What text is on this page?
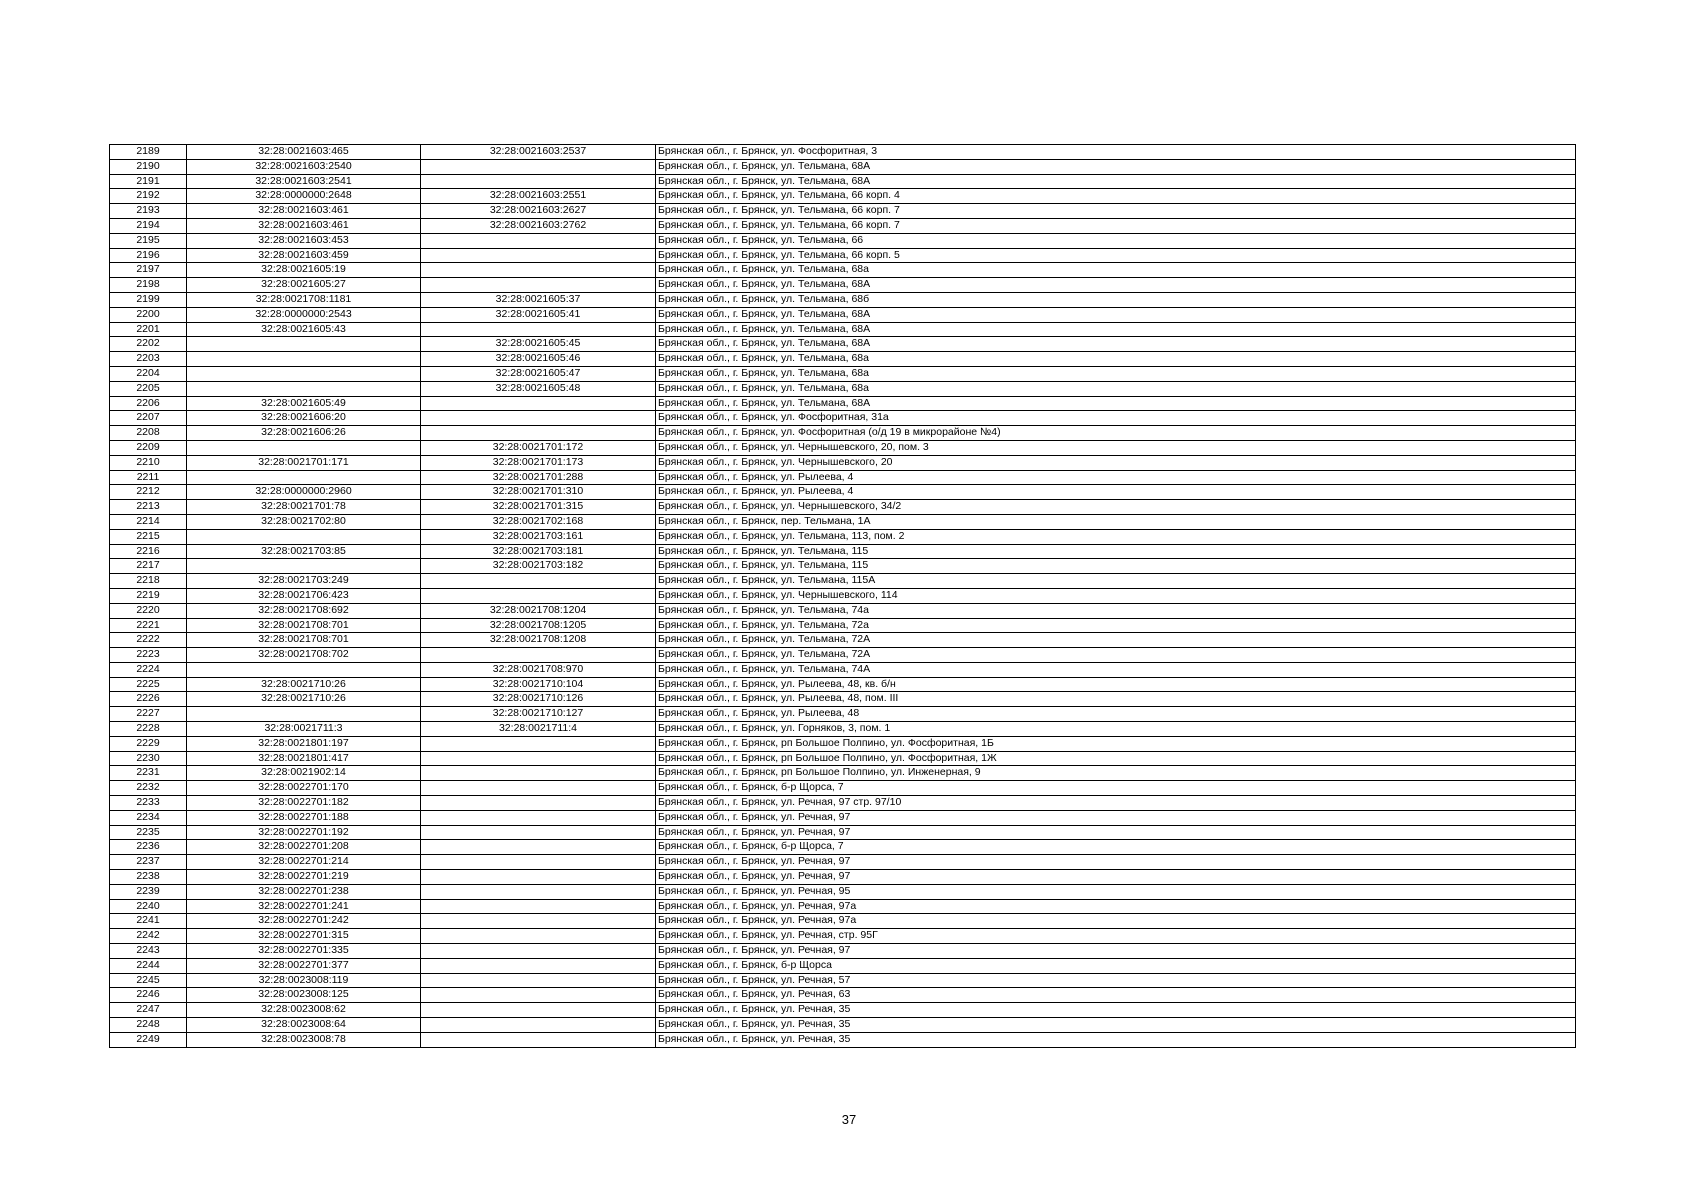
2189	32:28:0021603:465	32:28:0021603:2537	Брянская обл., г. Брянск, ул. Фосфоритная, 3
2190	32:28:0021603:2540		Брянская обл., г. Брянск, ул. Тельмана, 68А
2191	32:28:0021603:2541		Брянская обл., г. Брянск, ул. Тельмана, 68А
2192	32:28:0000000:2648	32:28:0021603:2551	Брянская обл., г. Брянск, ул. Тельмана, 66 корп. 4
2193	32:28:0021603:461	32:28:0021603:2627	Брянская обл., г. Брянск, ул. Тельмана, 66 корп. 7
2194	32:28:0021603:461	32:28:0021603:2762	Брянская обл., г. Брянск, ул. Тельмана, 66 корп. 7
2195	32:28:0021603:453		Брянская обл., г. Брянск, ул. Тельмана, 66
2196	32:28:0021603:459		Брянская обл., г. Брянск, ул. Тельмана, 66 корп. 5
2197	32:28:0021605:19		Брянская обл., г. Брянск, ул. Тельмана, 68а
2198	32:28:0021605:27		Брянская обл., г. Брянск, ул. Тельмана, 68А
2199	32:28:0021708:1181	32:28:0021605:37	Брянская обл., г. Брянск, ул. Тельмана, 68б
2200	32:28:0000000:2543	32:28:0021605:41	Брянская обл., г. Брянск, ул. Тельмана, 68А
2201	32:28:0021605:43		Брянская обл., г. Брянск, ул. Тельмана, 68А
2202		32:28:0021605:45	Брянская обл., г. Брянск, ул. Тельмана, 68А
2203		32:28:0021605:46	Брянская обл., г. Брянск, ул. Тельмана, 68а
2204		32:28:0021605:47	Брянская обл., г. Брянск, ул. Тельмана, 68а
2205		32:28:0021605:48	Брянская обл., г. Брянск, ул. Тельмана, 68а
2206	32:28:0021605:49		Брянская обл., г. Брянск, ул. Тельмана, 68А
2207	32:28:0021606:20		Брянская обл., г. Брянск, ул. Фосфоритная, 31а
2208	32:28:0021606:26		Брянская обл., г. Брянск, ул. Фосфоритная (о/д 19 в микрорайоне №4)
2209		32:28:0021701:172	Брянская обл., г. Брянск, ул. Чернышевского, 20, пом. 3
2210	32:28:0021701:171	32:28:0021701:173	Брянская обл., г. Брянск, ул. Чернышевского, 20
2211		32:28:0021701:288	Брянская обл., г. Брянск, ул. Рылеева, 4
2212	32:28:0000000:2960	32:28:0021701:310	Брянская обл., г. Брянск, ул. Рылеева, 4
2213	32:28:0021701:78	32:28:0021701:315	Брянская обл., г. Брянск, ул. Чернышевского, 34/2
2214	32:28:0021702:80	32:28:0021702:168	Брянская обл., г. Брянск, пер. Тельмана, 1А
2215		32:28:0021703:161	Брянская обл., г. Брянск, ул. Тельмана, 113, пом. 2
2216	32:28:0021703:85	32:28:0021703:181	Брянская обл., г. Брянск, ул. Тельмана, 115
2217		32:28:0021703:182	Брянская обл., г. Брянск, ул. Тельмана, 115
2218	32:28:0021703:249		Брянская обл., г. Брянск, ул. Тельмана, 115А
2219	32:28:0021706:423		Брянская обл., г. Брянск, ул. Чернышевского, 114
2220	32:28:0021708:692	32:28:0021708:1204	Брянская обл., г. Брянск, ул. Тельмана, 74а
2221	32:28:0021708:701	32:28:0021708:1205	Брянская обл., г. Брянск, ул. Тельмана, 72а
2222	32:28:0021708:701	32:28:0021708:1208	Брянская обл., г. Брянск, ул. Тельмана, 72А
2223	32:28:0021708:702		Брянская обл., г. Брянск, ул. Тельмана, 72А
2224		32:28:0021708:970	Брянская обл., г. Брянск, ул. Тельмана, 74А
2225	32:28:0021710:26	32:28:0021710:104	Брянская обл., г. Брянск, ул. Рылеева, 48, кв. б/н
2226	32:28:0021710:26	32:28:0021710:126	Брянская обл., г. Брянск, ул. Рылеева, 48, пом. III
2227		32:28:0021710:127	Брянская обл., г. Брянск, ул. Рылеева, 48
2228	32:28:0021711:3	32:28:0021711:4	Брянская обл., г. Брянск, ул. Горняков, 3, пом. 1
2229	32:28:0021801:197		Брянская обл., г. Брянск, рп Большое Полпино, ул. Фосфоритная, 1Б
2230	32:28:0021801:417		Брянская обл., г. Брянск, рп Большое Полпино, ул. Фосфоритная, 1Ж
2231	32:28:0021902:14		Брянская обл., г. Брянск, рп Большое Полпино, ул. Инженерная, 9
2232	32:28:0022701:170		Брянская обл., г. Брянск, б-р Щорса, 7
2233	32:28:0022701:182		Брянская обл., г. Брянск, ул. Речная, 97 стр. 97/10
2234	32:28:0022701:188		Брянская обл., г. Брянск, ул. Речная, 97
2235	32:28:0022701:192		Брянская обл., г. Брянск, ул. Речная, 97
2236	32:28:0022701:208		Брянская обл., г. Брянск, б-р Щорса, 7
2237	32:28:0022701:214		Брянская обл., г. Брянск, ул. Речная, 97
2238	32:28:0022701:219		Брянская обл., г. Брянск, ул. Речная, 97
2239	32:28:0022701:238		Брянская обл., г. Брянск, ул. Речная, 95
2240	32:28:0022701:241		Брянская обл., г. Брянск, ул. Речная, 97а
2241	32:28:0022701:242		Брянская обл., г. Брянск, ул. Речная, 97а
2242	32:28:0022701:315		Брянская обл., г. Брянск, ул. Речная, стр. 95Г
2243	32:28:0022701:335		Брянская обл., г. Брянск, ул. Речная, 97
2244	32:28:0022701:377		Брянская обл., г. Брянск, б-р Щорса
2245	32:28:0023008:119		Брянская обл., г. Брянск, ул. Речная, 57
2246	32:28:0023008:125		Брянская обл., г. Брянск, ул. Речная, 63
2247	32:28:0023008:62		Брянская обл., г. Брянск, ул. Речная, 35
2248	32:28:0023008:64		Брянская обл., г. Брянск, ул. Речная, 35
2249	32:28:0023008:78		Брянская обл., г. Брянск, ул. Речная, 35
37
